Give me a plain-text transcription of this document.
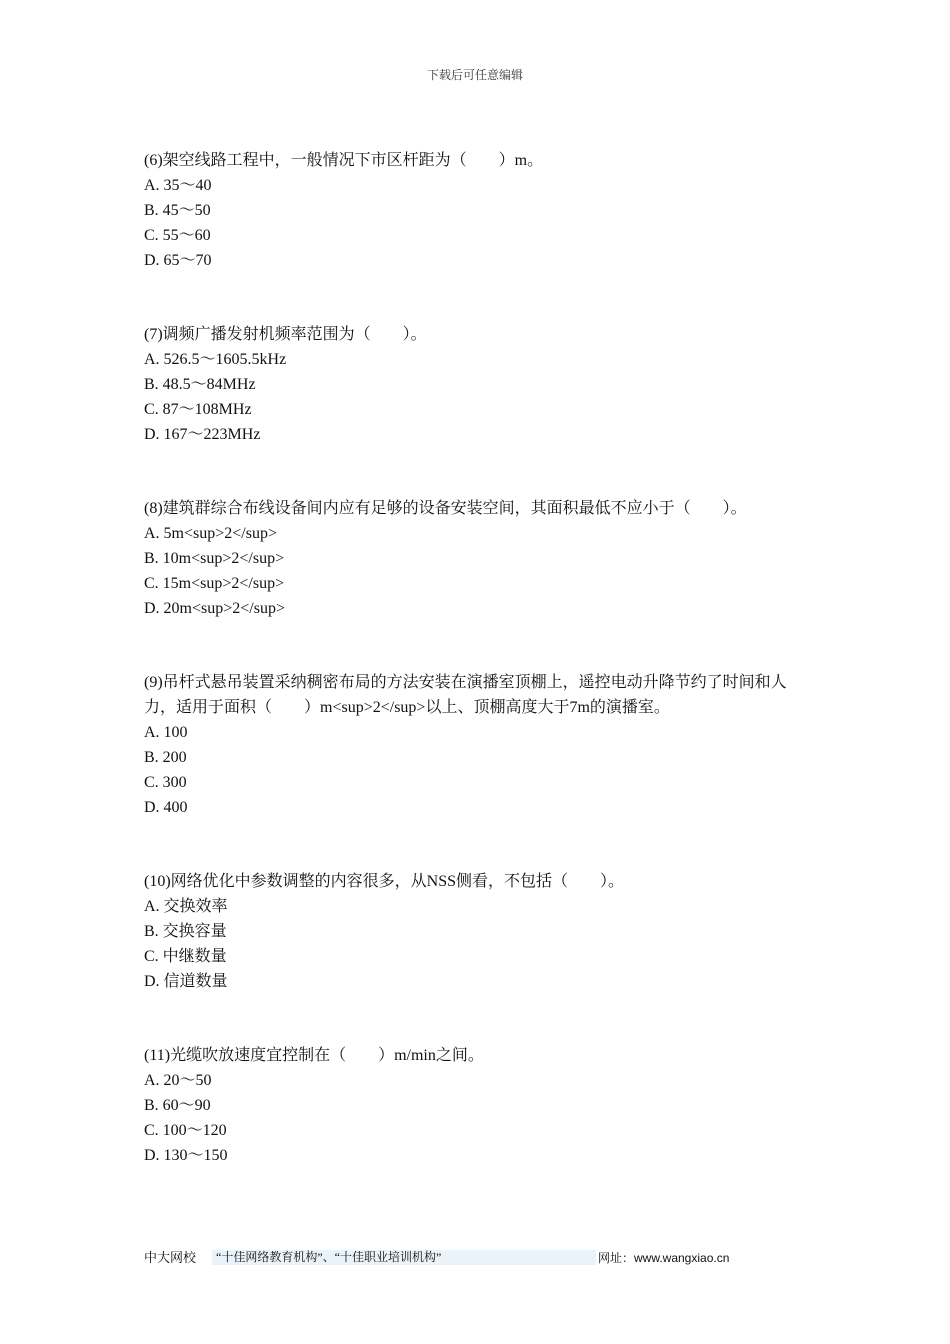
下载后可任意编辑

(6)架空线路工程中，一般情况下市区杆距为（　　）m。

A. 35～40

B. 45～50

C. 55～60

D. 65～70

(7)调频广播发射机频率范围为（　　）。

A. 526.5～1605.5kHz

B. 48.5～84MHz

C. 87～108MHz

D. 167～223MHz

(8)建筑群综合布线设备间内应有足够的设备安装空间，其面积最低不应小于（　　）。

A. 5m<sup>2</sup>

B. 10m<sup>2</sup>

C. 15m<sup>2</sup>

D. 20m<sup>2</sup>

(9)吊杆式悬吊装置采纳稠密布局的方法安装在演播室顶棚上，遥控电动升降节约了时间和人力，适用于面积（　　）m<sup>2</sup>以上、顶棚高度大于7m的演播室。

A. 100

B. 200

C. 300

D. 400

(10)网络优化中参数调整的内容很多，从NSS侧看，不包括（　　）。

A. 交换效率

B. 交换容量

C. 中继数量

D. 信道数量

(11)光缆吹放速度宜控制在（　　）m/min之间。

A. 20～50

B. 60～90

C. 100～120

D. 130～150

中大网校	“十佳网络教育机构”、“十佳职业培训机构”	网址：www.wangxiao.cn
